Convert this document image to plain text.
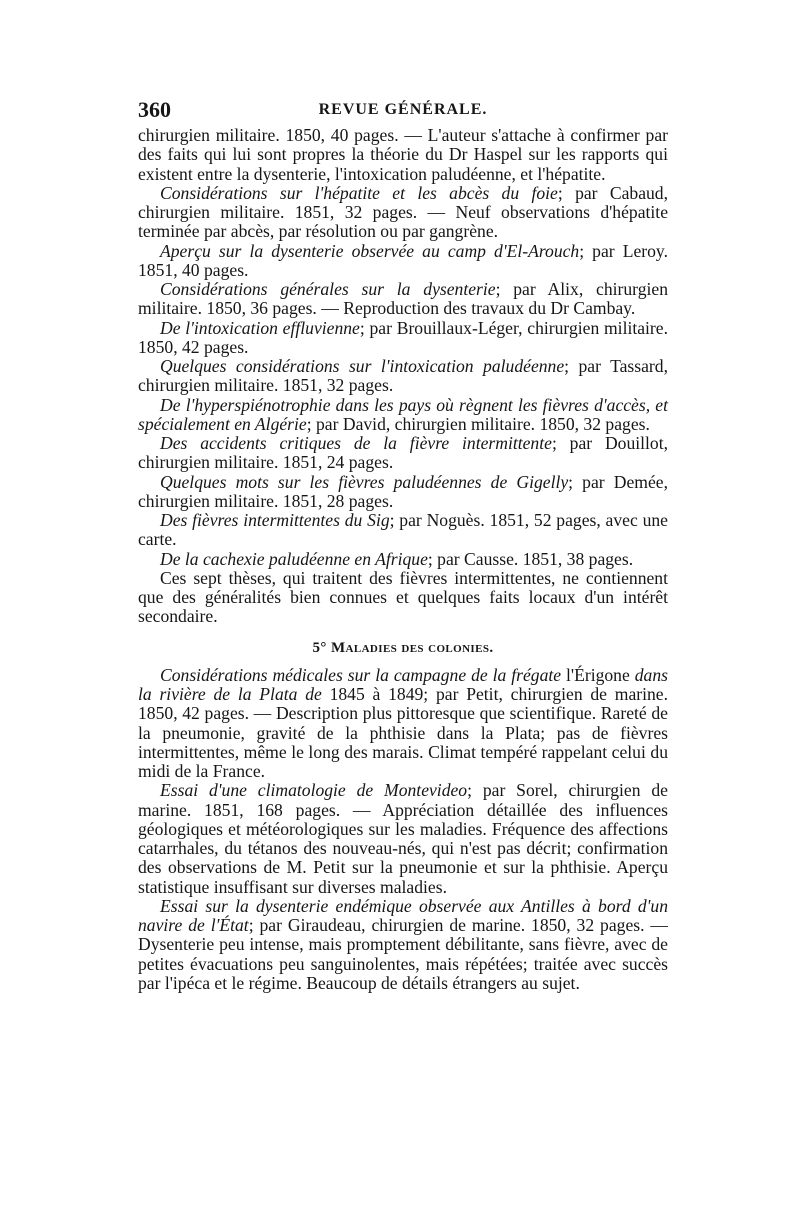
360	REVUE GÉNÉRALE.

chirurgien militaire. 1850, 40 pages. — L'auteur s'attache à confirmer par des faits qui lui sont propres la théorie du Dr Haspel sur les rapports qui existent entre la dysenterie, l'intoxication paludéenne, et l'hépatite.

Considérations sur l'hépatite et les abcès du foie; par Cabaud, chirurgien militaire. 1851, 32 pages. — Neuf observations d'hépatite terminée par abcès, par résolution ou par gangrène.

Aperçu sur la dysenterie observée au camp d'El-Arouch; par Leroy. 1851, 40 pages.

Considérations générales sur la dysenterie; par Alix, chirurgien militaire. 1850, 36 pages. — Reproduction des travaux du Dr Cambay.

De l'intoxication effluvienne; par Brouillaux-Léger, chirurgien militaire. 1850, 42 pages.

Quelques considérations sur l'intoxication paludéenne; par Tassard, chirurgien militaire. 1851, 32 pages.

De l'hyperspiénotrophie dans les pays où règnent les fièvres d'accès, et spécialement en Algérie; par David, chirurgien militaire. 1850, 32 pages.

Des accidents critiques de la fièvre intermittente; par Douillot, chirurgien militaire. 1851, 24 pages.

Quelques mots sur les fièvres paludéennes de Gigelly; par Demée, chirurgien militaire. 1851, 28 pages.

Des fièvres intermittentes du Sig; par Noguès. 1851, 52 pages, avec une carte.

De la cachexie paludéenne en Afrique; par Causse. 1851, 38 pages.

Ces sept thèses, qui traitent des fièvres intermittentes, ne contiennent que des généralités bien connues et quelques faits locaux d'un intérêt secondaire.

5° Maladies des colonies.

Considérations médicales sur la campagne de la frégate l'Érigone dans la rivière de la Plata de 1845 à 1849; par Petit, chirurgien de marine. 1850, 42 pages. — Description plus pittoresque que scientifique. Rareté de la pneumonie, gravité de la phthisie dans la Plata; pas de fièvres intermittentes, même le long des marais. Climat tempéré rappelant celui du midi de la France.

Essai d'une climatologie de Montevideo; par Sorel, chirurgien de marine. 1851, 168 pages. — Appréciation détaillée des influences géologiques et météorologiques sur les maladies. Fréquence des affections catarrhales, du tétanos des nouveau-nés, qui n'est pas décrit; confirmation des observations de M. Petit sur la pneumonie et sur la phthisie. Aperçu statistique insuffisant sur diverses maladies.

Essai sur la dysenterie endémique observée aux Antilles à bord d'un navire de l'État; par Giraudeau, chirurgien de marine. 1850, 32 pages. — Dysenterie peu intense, mais promptement débilitante, sans fièvre, avec de petites évacuations peu sanguinolentes, mais répétées; traitée avec succès par l'ipéca et le régime. Beaucoup de détails étrangers au sujet.
